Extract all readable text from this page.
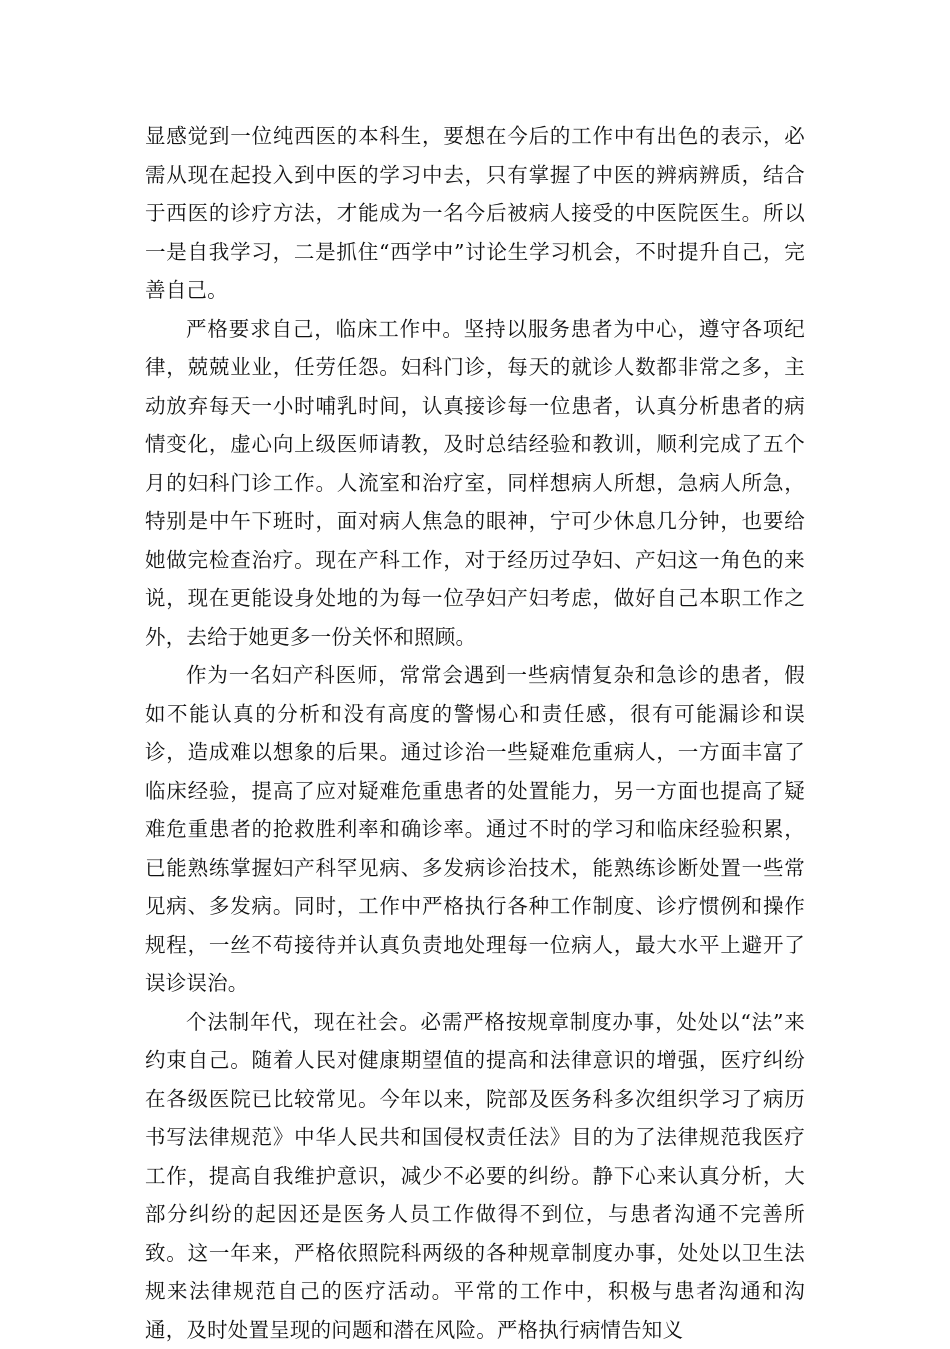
显感觉到一位纯西医的本科生，要想在今后的工作中有出色的表示，必需从现在起投入到中医的学习中去，只有掌握了中医的辨病辨质，结合于西医的诊疗方法，才能成为一名今后被病人接受的中医院医生。所以一是自我学习，二是抓住“西学中”讨论生学习机会，不时提升自己，完善自己。

严格要求自己，临床工作中。坚持以服务患者为中心，遵守各项纪律，兢兢业业，任劳任怨。妇科门诊，每天的就诊人数都非常之多，主动放弃每天一小时哺乳时间，认真接诊每一位患者，认真分析患者的病情变化，虚心向上级医师请教，及时总结经验和教训，顺利完成了五个月的妇科门诊工作。人流室和治疗室，同样想病人所想，急病人所急，特别是中午下班时，面对病人焦急的眼神，宁可少休息几分钟，也要给她做完检查治疗。现在产科工作，对于经历过孕妇、产妇这一角色的来说，现在更能设身处地的为每一位孕妇产妇考虑，做好自己本职工作之外，去给于她更多一份关怀和照顾。

作为一名妇产科医师，常常会遇到一些病情复杂和急诊的患者，假如不能认真的分析和没有高度的警惕心和责任感，很有可能漏诊和误诊，造成难以想象的后果。通过诊治一些疑难危重病人，一方面丰富了临床经验，提高了应对疑难危重患者的处置能力，另一方面也提高了疑难危重患者的抢救胜利率和确诊率。通过不时的学习和临床经验积累，已能熟练掌握妇产科罕见病、多发病诊治技术，能熟练诊断处置一些常见病、多发病。同时，工作中严格执行各种工作制度、诊疗惯例和操作规程，一丝不苟接待并认真负责地处理每一位病人，最大水平上避开了误诊误治。

个法制年代，现在社会。必需严格按规章制度办事，处处以“法”来约束自己。随着人民对健康期望值的提高和法律意识的增强，医疗纠纷在各级医院已比较常见。今年以来，院部及医务科多次组织学习了病历书写法律规范》中华人民共和国侵权责任法》目的为了法律规范我医疗工作，提高自我维护意识，减少不必要的纠纷。静下心来认真分析，大部分纠纷的起因还是医务人员工作做得不到位，与患者沟通不完善所致。这一年来，严格依照院科两级的各种规章制度办事，处处以卫生法规来法律规范自己的医疗活动。平常的工作中，积极与患者沟通和沟通，及时处置呈现的问题和潜在风险。严格执行病情告知义
